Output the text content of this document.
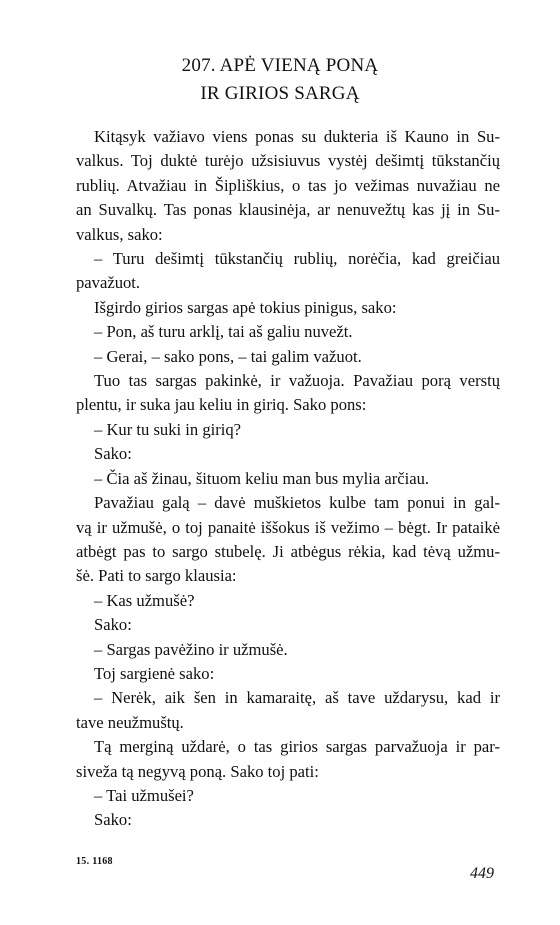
207. APĖ VIENĄ PONĄ
IR GIRIOS SARGĄ
Kitąsyk važiavo viens ponas su dukteria iš Kauno in Su-
valkus. Toj duktė turėjo užsisiuvus vystėj dešimtį tūkstančių
rublių. Atvažiau in Šipliškius, o tas jo vežimas nuvažiau ne
an Suvalkų. Tas ponas klausinėja, ar nenuvežtų kas jį in Su-
valkus, sako:
– Turu dešimtį tūkstančių rublių, norėčia, kad greičiau
pavažuot.
Išgirdo girios sargas apė tokius pinigus, sako:
– Pon, aš turu arklį, tai aš galiu nuvežt.
– Gerai, – sako pons, – tai galim važuot.
Tuo tas sargas pakinkė, ir važuoja. Pavažiau porą verstų
plentu, ir suka jau keliu in giriq. Sako pons:
– Kur tu suki in giriq?
Sako:
– Čia aš žinau, šituom keliu man bus mylia arčiau.
Pavažiau galą – davė muškietos kulbe tam ponui in gal-
vą ir užmušė, o toj panaitė iššokus iš vežimo – bėgt. Ir pataikė
atbėgt pas to sargo stubelę. Ji atbėgus rėkia, kad tėvą užmu-
šė. Pati to sargo klausia:
– Kas užmušė?
Sako:
– Sargas pavėžino ir užmušė.
Toj sargienė sako:
– Nerėk, aik šen in kamaraitę, aš tave uždarysu, kad ir
tave neužmuštų.
Tą merginą uždarė, o tas girios sargas parvažuoja ir par-
siveža tą negyvą poną. Sako toj pati:
– Tai užmušei?
Sako:

15. 1168

449
